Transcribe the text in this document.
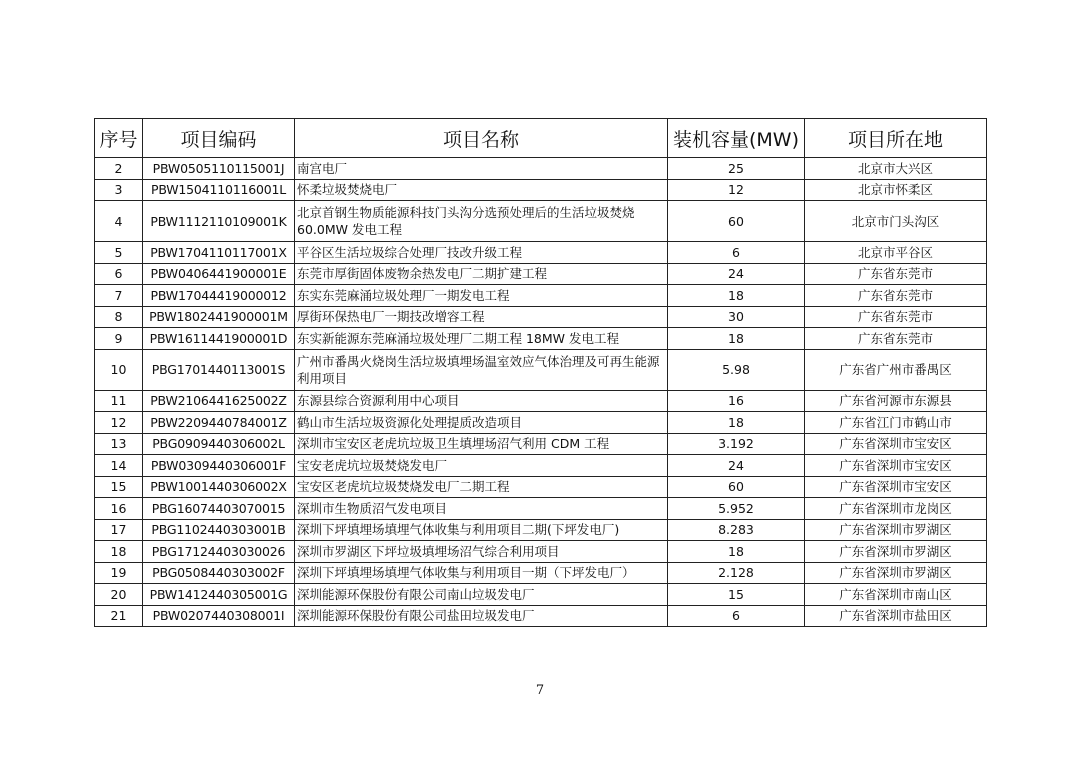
序号	项目编码	项目名称	装机容量(MW)	项目所在地
2	PBW0505110115001J	南宫电厂	25	北京市大兴区
3	PBW1504110116001L	怀柔垃圾焚烧电厂	12	北京市怀柔区
4	PBW1112110109001K	北京首钢生物质能源科技门头沟分选预处理后的生活垃圾焚烧 60.0MW 发电工程	60	北京市门头沟区
5	PBW1704110117001X	平谷区生活垃圾综合处理厂技改升级工程	6	北京市平谷区
6	PBW0406441900001E	东莞市厚街固体废物余热发电厂二期扩建工程	24	广东省东莞市
7	PBW17044419000012	东实东莞麻涌垃圾处理厂一期发电工程	18	广东省东莞市
8	PBW1802441900001M	厚街环保热电厂一期技改增容工程	30	广东省东莞市
9	PBW1611441900001D	东实新能源东莞麻涌垃圾处理厂二期工程 18MW 发电工程	18	广东省东莞市
10	PBG1701440113001S	广州市番禺火烧岗生活垃圾填埋场温室效应气体治理及可再生能源利用项目	5.98	广东省广州市番禺区
11	PBW2106441625002Z	东源县综合资源利用中心项目	16	广东省河源市东源县
12	PBW2209440784001Z	鹤山市生活垃圾资源化处理提质改造项目	18	广东省江门市鹤山市
13	PBG0909440306002L	深圳市宝安区老虎坑垃圾卫生填埋场沼气利用 CDM 工程	3.192	广东省深圳市宝安区
14	PBW0309440306001F	宝安老虎坑垃圾焚烧发电厂	24	广东省深圳市宝安区
15	PBW1001440306002X	宝安区老虎坑垃圾焚烧发电厂二期工程	60	广东省深圳市宝安区
16	PBG16074403070015	深圳市生物质沼气发电项目	5.952	广东省深圳市龙岗区
17	PBG1102440303001B	深圳下坪填埋场填埋气体收集与利用项目二期(下坪发电厂)	8.283	广东省深圳市罗湖区
18	PBG17124403030026	深圳市罗湖区下坪垃圾填埋场沼气综合利用项目	18	广东省深圳市罗湖区
19	PBG0508440303002F	深圳下坪填埋场填埋气体收集与利用项目一期（下坪发电厂）	2.128	广东省深圳市罗湖区
20	PBW1412440305001G	深圳能源环保股份有限公司南山垃圾发电厂	15	广东省深圳市南山区
21	PBW0207440308001I	深圳能源环保股份有限公司盐田垃圾发电厂	6	广东省深圳市盐田区
7
